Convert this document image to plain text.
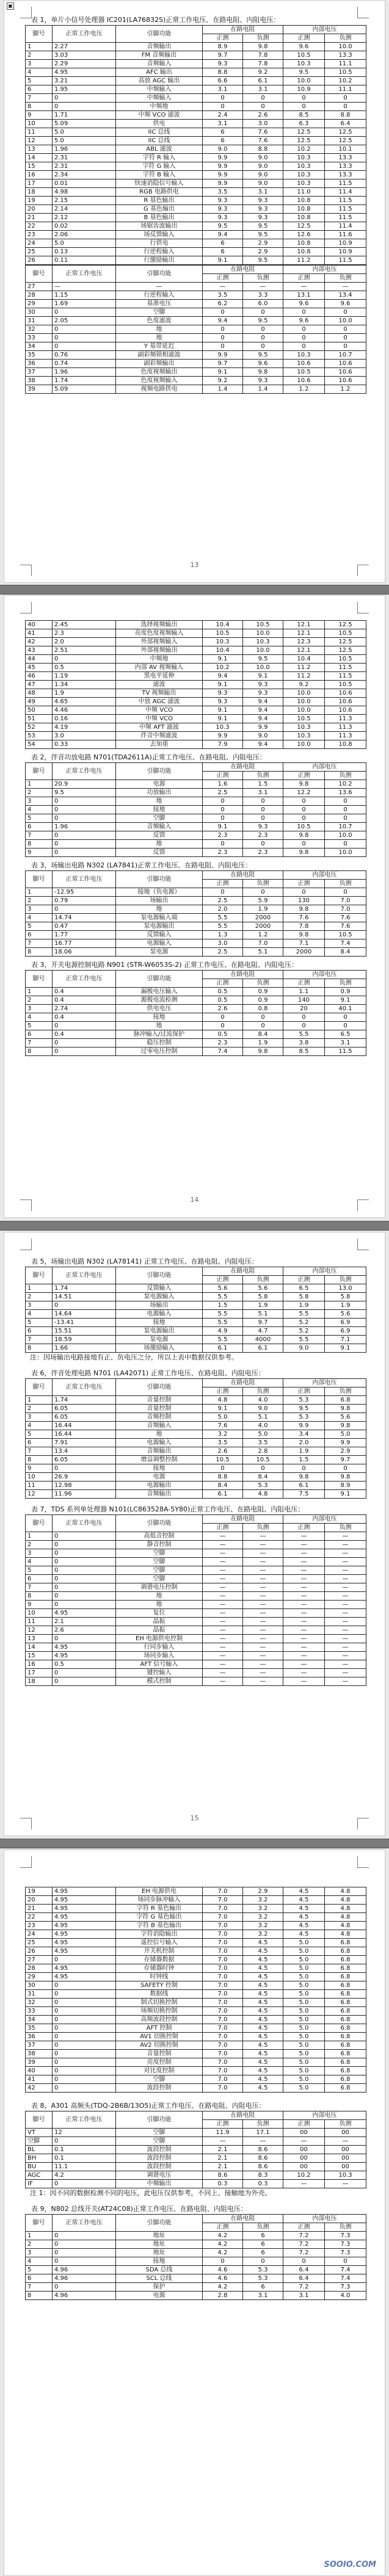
▣
表 1，单片小信号处理器 IC201(LA76832S)正常工作电压、在路电阻、内阻电压：
脚号	正常工作电压	引脚功能	在路电阻		内部电压	
			正测	负测	正测	负测
1	2.27	音频输出	8.9	9.8	9.6	10.0
2	3.03	FM 音频输出	9.7	7.8	10.5	13.3
3	2.29	音频输入	9.3	7.8	10.3	11.1
4	4.95	AFC 输出	8.8	9.2	9.5	10.5
5	3.21	高放 AGC 输出	6.6	6.1	10.0	10.2
6	1.95	中频输入	3.1	3.1	10.9	11.1
7	0	中频输入	0	0	0	0
8	0	中频地	0	0	0	0
9	1.71	中频 VCO 滤波	2.4	2.6	8.5	8.8
10	5.09	供电	3.1	3.0	6.3	6.4
11	5.0	IIC 总线	6	7.6	12.5	12.5
12	5.0	IIC 总线	6	7.6	12.5	12.5
13	1.96	ABL 滤波	9.0	8.8	10.2	10.1
14	2.31	字符 R 输入	9.9	9.0	10.3	13.3
15	2.31	字符 G 输入	9.9	9.0	10.3	13.3
16	2.34	字符 B 输入	9.9	9.0	10.3	13.3
17	0.01	快速消隐信号输入	9.9	9.0	10.3	11.5
18	4.98	RGB 电路供电	3.5	3.1	11.0	11.4
19	2.15	R 基色输出	9.3	9.3	10.8	11.5
20	2.14	G 基色输出	9.3	9.3	10.8	11.5
21	2.12	B 基色输出	9.3	9.3	10.8	11.5
22	0.02	场锯齿波输出	9.5	9.5	12.5	11.4
23	2.06	场反馈输入	9.4	9.5	12.6	11.6
24	5.0	行供电	6	2.9	10.8	10.9
25	0.13	行逆程输入	6	2.9	10.8	10.9
26	0.11	行激励输出	9.1	9.5	11.2	11.5
脚号	正常工作电压	引脚功能	在路电阻		内部电压	
			正测	负测	正测	负测
27	—	—	—	—	—	—
28	1.15	行逆程输入	3.5	3.3	13.1	13.4
29	1.69	基准电压	6.2	6.0	9.6	9.6
30	0	空脚	0	0	0	0
31	2.05	色度滤波	9.4	9.5	9.6	10.0
32	0	地	0	0	0	0
33	0	地	0	0	0	0
34	0	Y 基带延迟	0	0	0	0
35	0.76	副彩频锁相滤波	9.9	9.5	10.3	10.7
36	0.74	副彩频输出	9.7	9.6	10.6	10.6
37	1.96	色度视频输出	9.1	9.8	10.5	10.6
38	1.74	色度视频输入	9.2	9.3	10.6	10.6
39	5.09	视频电路供电	1.4	1.4	1.2	1.2
13
40	2.45	选择视频输出	10.4	10.5	12.1	12.5
41	2.3	亮度色度视频输入	10.5	10.0	12.1	10.5
42	2.0	外部视频输入	10.3	10.3	12.3	12.5
43	2.51	外部视频输出	10.4	10.0	12.1	12.5
44	0	中频地	9.1	9.5	10.4	10.5
45	0.5	内部 AV 视频输入	10.2	10.0	11.2	11.5
46	1.19	黑电平延伸	9.4	9.1	11.2	11.5
47	1.34	滤波	9.1	9.3	9.2	10.5
48	1.9	TV 视频输出	9.3	9.3	10.0	10.6
49	4.65	中放 AGC 滤波	9.3	9.4	10.0	10.6
50	4.46	中频 VCO	9.1	9.4	10.0	10.6
51	0.16	中频 VCO	9.1	9.4	10.5	11.3
52	4.19	中频 AFT 滤波	10.3	9.9	10.3	11.3
53	3.0	伴音中频滤波	9.9	9.0	10.3	11.3
54	0.33	去加重	7.9	9.4	10.0	10.8
表 2，伴音功放电路 N701(TDA2611A)正常工作电压、在路电阻、内阻电压：
脚号	正常工作电压	引脚功能	在路电阻		内部电压	
			正测	负测	正测	负测
1	20.9	电源	1.6	1.5	9.8	10.2
2	9.5	功放输出	2.5	3.1	12.2	13.6
3	0	地	0	0	0	0
4	0	接地	0	0	0	0
5	0	空脚	0	0	0	0
6	1.96	音频输入	9.1	9.3	10.5	10.7
7	0	反馈	2.3	2.3	9.8	10.0
8	0	地	0	0	0	0
9	0	反馈	2.3	2.3	9.8	10.0
表 3，场输出电路 N302 (LA7841)正常工作电压、在路电阻、内阻电压：
脚号	正常工作电压	引脚功能	在路电阻		内部电压	
			正测	负测	正测	负测
1	-12.95	接地（负电源）	0	0	0	0
2	0.79	场输出	2.5	5.9	130	7.0
3	0	地	2.0	1.9	9.8	7.0
4	14.74	泵电源输入端	5.5	2000	7.6	7.6
5	0.47	泵电源输出	5.5	2000	7.8	7.6
6	1.77	反馈输入	1.3	1.2	9.8	10.5
7	16.77	电源输入	3.0	7.0	7.1	7.4
8	18.06	泵电源	2.5	5.1	2000	8.4
表 3，开关电源控制电路 N901 (STR-W6053S-2) 正常工作电压、在路电阻、内阻电压：
脚号	正常工作电压	引脚功能	在路电阻		内部电压	
			正测	负测	正测	负测
1	0.4	漏极电压输入	0.5	0.9	1.1	0.9
2	0.4	源极电流检测	0.5	0.9	140	9.1
3	2.74	供电电压	2.6	0.8	20	40.1
4	0.4	接地	0	0	0	0
5	0	地	0	0	0	0
6	0.4	脉冲输入/过流保护	0.5	8.4	5.5	6.5
7	0	稳压控制	2.3	1.9	3.8	3.1
8	0	过零电压控制	7.4	9.8	8.5	11.5
14
表 5，场输出电路 N302 (LA78141) 正常工作电压、在路电阻、内阻电压：
脚号	正常工作电压	引脚功能	在路电阻		内部电压	
			正测	负测	正测	负测
1	1.74	反馈输入	5.6	5.6	6.5	13.0
2	14.51	泵电源输入	5.5	5.8	5.8	5.8
3	0	场输出	1.5	1.9	1.9	1.9
4	14.64	电源输入	5.5	5.1	5.5	5.6
5	-13.41	接地	5.5	9.7	5.2	6.9
6	15.51	泵电源输出	4.9	4.7	5.2	6.9
7	18.59	泵电源	5.5	4000	5.5	7.1
8	1.66	场激励输入	6.1	6.1	9.0	9.1
注：因场输出电路接地有正、负电压之分，所以上表中数据仅供参考。
表 6，伴音处理电路 N701 (LA42071) 正常工作电压、在路电阻、内阻电压：
脚号	正常工作电压	引脚功能	在路电阻		内部电压	
			正测	负测	正测	负测
1	1.74	音量控制	4.8	4.0	5.3	6.8
2	6.05	音量控制	9.1	9.0	9.5	9.8
3	6.05	音频控制	5.0	5.1	5.3	5.6
4	16.44	音频输入	7.6	4.0	9.9	9.8
5	16.44	地	3.2	5.0	3.4	5.0
6	7.91	电源输入	3.5	3.5	2.0	9.9
7	13.4	音频输出	2.6	2.8	1.9	2.9
8	6.05	增益调整控制	10.5	10.5	1.5	9.7
9	0	接地	0	0	0	0
10	26.9	电源	8.8	8.4	9.8	9.8
11	12.98	电源输出	8.4	5.3	6.1	8.9
12	11.96	音频输出	6.1	4.8	7.5	9.1
表 7，TDS 系列单处理器 N101(LC863528A-5Y80)正常工作电压、在路电阻、内阻电压：
脚号	正常工作电压	引脚功能	在路电阻		内部电压	
			正测	负测	正测	负测
1	0	高低音控制	—	—	—	—
2	0	静音控制	—	—	—	—
3	0	空脚	—	—	—	—
4	0	空脚	—	—	—	—
5	0	空脚	—	—	—	—
6	0	空脚	—	—	—	—
7	0	调谐电压控制	—	—	—	—
8	0	地	—	—	—	—
9	0	地	—	—	—	—
10	4.95	复位	—	—	—	—
11	2.1	晶振	—	—	—	—
12	2.6	晶振	—	—	—	—
13	0	EH 电源供电控制	—	—	—	—
14	4.95	行同步输入	—	—	—	—
15	4.95	场同步输入	—	—	—	—
16	0.5	AFT 信号输入	—	—	—	—
17	0	键控输入	—	—	—	—
18	0	模式控制	—	—	—	—
15
19	4.95	EH 电源供电	7.0	2.9	4.5	4.8
20	4.95	场同步脉冲输入	7.0	3.2	4.5	4.8
21	4.95	字符 R 基色输出	7.0	3.2	4.5	4.8
22	4.95	字符 G 基色输出	7.0	3.2	4.5	4.8
23	4.95	字符 B 基色输出	7.0	3.2	4.5	4.8
24	4.95	字符消隐输出	7.0	3.2	4.5	4.8
25	4.95	遥控信号输入	7.0	4.5	5.0	6.8
26	4.95	开关机控制	7.0	4.5	5.0	6.8
27	0	存储器数据	7.0	4.5	5.0	6.8
28	4.95	存储器时钟	7.0	4.5	5.0	6.8
29	4.95	时钟线	7.0	4.5	5.0	6.8
30	0	SAFETY 控制	7.0	4.5	5.0	6.8
31	0	数据线	7.0	4.5	5.0	6.8
32	0	制式切换控制	7.0	4.5	5.0	6.8
33	0	场频切换控制	7.0	4.5	5.0	6.8
34	0	高频波段控制	7.0	4.5	5.0	6.8
35	0	AFT 控制	7.0	4.5	5.0	6.8
36	0	AV1 切换控制	7.0	4.5	5.0	6.8
37	0	AV2 切换控制	7.0	4.5	5.0	6.8
38	0	音量控制	7.0	4.5	5.0	6.8
39	0	亮度控制	7.0	4.5	5.0	6.8
40	0	对比度控制	7.0	4.5	5.0	6.8
41	0	空脚	7.0	4.5	5.0	6.8
42	0	波段控制	7.0	4.5	5.0	6.8
表 8，A301 高频头(TDQ-2B6B/13O5)正常工作电压、在路电阻、内阻电压：
脚号	正常工作电压	引脚功能	在路电阻		内部电压	
			正测	负测	正测	负测
VT	12	空脚	11.9	17.1	00	00
空脚	0	空脚	—	—	—	—
BL	0.1	波段控制	2.1	8.6	00	00
BH	0.1	波段控制	2.1	8.6	00	00
BU	11.1	波段控制	2.1	8.6	00	00
AGC	4.2	调谐电压	8.6	8.3	10.2	10.3
IF	0	中频输出	0.3	0.3	—	—
注 1：因不同的数据检测不同的电压，此电压仅供参考，不同上、接触地为外壳。
表 9，N802 总线开关(AT24C08)正常工作电压、在路电阻、内阻电压：
脚号	正常工作电压	引脚功能	在路电阻		内部电压	
			正测	负测	正测	负测
1	0	地址	4.2	6	7.2	7.3
2	0	地址	4.2	6	7.2	7.3
3	0	地址	4.2	6	7.2	7.3
4	0	接地	0	0	0	0
5	4.96	SDA 总线	4.6	5.3	6.4	7.4
6	4.96	SCL 总线	4.6	5.3	6.4	7.4
7	0	保护	4.2	6	7.2	7.3
8	4.96	电源	2.8	3.1	3.1	4.0
SOOIO.COM
